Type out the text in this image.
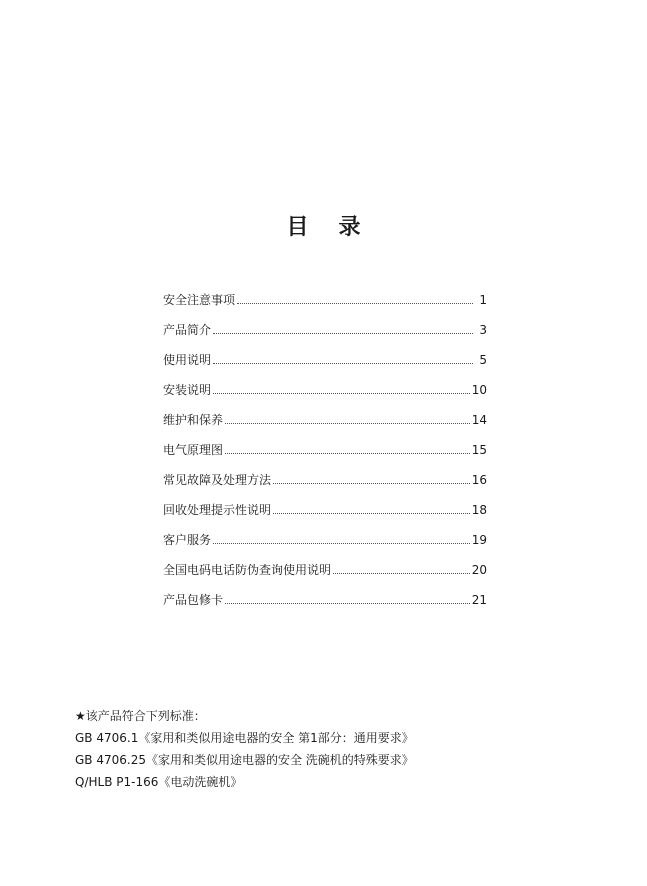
目 录
安全注意事项	1
产品简介	3
使用说明	5
安装说明	10
维护和保养	14
电气原理图	15
常见故障及处理方法	16
回收处理提示性说明	18
客户服务	19
全国电码电话防伪查询使用说明	20
产品包修卡	21
★该产品符合下列标准：
GB 4706.1《家用和类似用途电器的安全 第1部分：通用要求》
GB 4706.25《家用和类似用途电器的安全 洗碗机的特殊要求》
Q/HLB P1-166《电动洗碗机》
